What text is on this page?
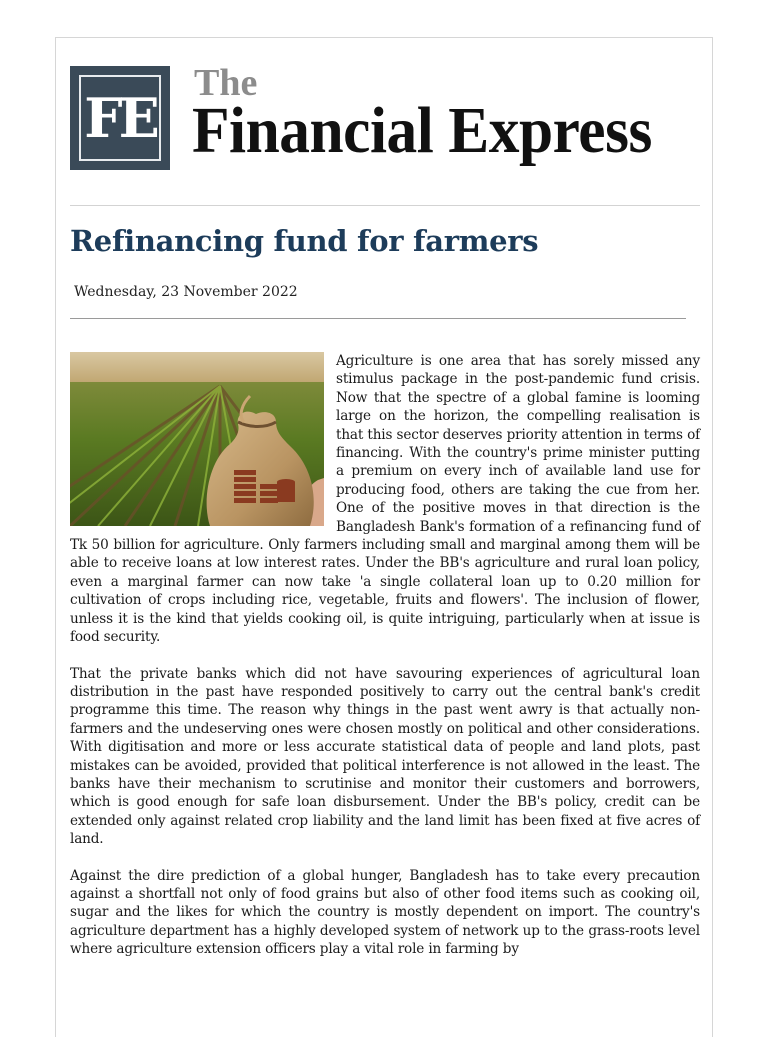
FE
The
Financial Express
Refinancing fund for farmers
Wednesday, 23 November 2022

Agriculture is one area that has sorely missed any stimulus package in the post-pandemic fund crisis. Now that the spectre of a global famine is looming large on the horizon, the compelling realisation is that this sector deserves priority attention in terms of financing. With the country's prime minister putting a premium on every inch of available land use for producing food, others are taking the cue from her. One of the positive moves in that direction is the Bangladesh Bank's formation of a refinancing fund of Tk 50 billion for agriculture. Only farmers including small and marginal among them will be able to receive loans at low interest rates. Under the BB's agriculture and rural loan policy, even a marginal farmer can now take 'a single collateral loan up to 0.20 million for cultivation of crops including rice, vegetable, fruits and flowers'. The inclusion of flower, unless it is the kind that yields cooking oil, is quite intriguing, particularly when at issue is food security.

That the private banks which did not have savouring experiences of agricultural loan distribution in the past have responded positively to carry out the central bank's credit programme this time. The reason why things in the past went awry is that actually non-farmers and the undeserving ones were chosen mostly on political and other considerations. With digitisation and more or less accurate statistical data of people and land plots, past mistakes can be avoided, provided that political interference is not allowed in the least. The banks have their mechanism to scrutinise and monitor their customers and borrowers, which is good enough for safe loan disbursement. Under the BB's policy, credit can be extended only against related crop liability and the land limit has been fixed at five acres of land.

Against the dire prediction of a global hunger, Bangladesh has to take every precaution against a shortfall not only of food grains but also of other food items such as cooking oil, sugar and the likes for which the country is mostly dependent on import. The country's agriculture department has a highly developed system of network up to the grass-roots level where agriculture extension officers play a vital role in farming by
